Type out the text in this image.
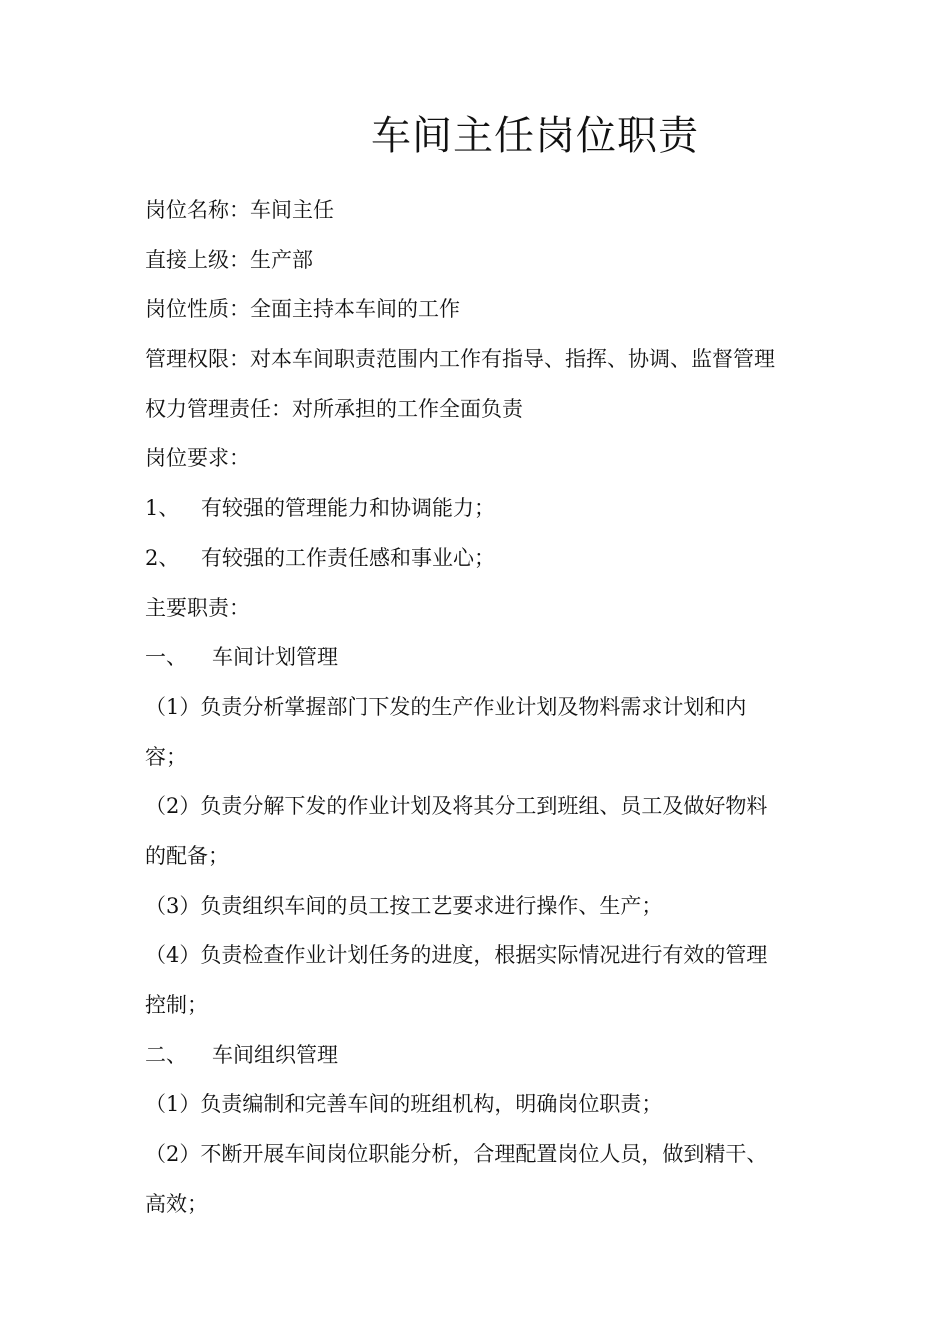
车间主任岗位职责

岗位名称：车间主任

直接上级：生产部

岗位性质：全面主持本车间的工作

管理权限：对本车间职责范围内工作有指导、指挥、协调、监督管理

权力管理责任：对所承担的工作全面负责

岗位要求：

1、 有较强的管理能力和协调能力；

2、 有较强的工作责任感和事业心；

主要职责：

一、 车间计划管理

（1）负责分析掌握部门下发的生产作业计划及物料需求计划和内

容；

（2）负责分解下发的作业计划及将其分工到班组、员工及做好物料

的配备；

（3）负责组织车间的员工按工艺要求进行操作、生产；

（4）负责检查作业计划任务的进度，根据实际情况进行有效的管理

控制；

二、 车间组织管理

（1）负责编制和完善车间的班组机构，明确岗位职责；

（2）不断开展车间岗位职能分析，合理配置岗位人员，做到精干、

高效；
